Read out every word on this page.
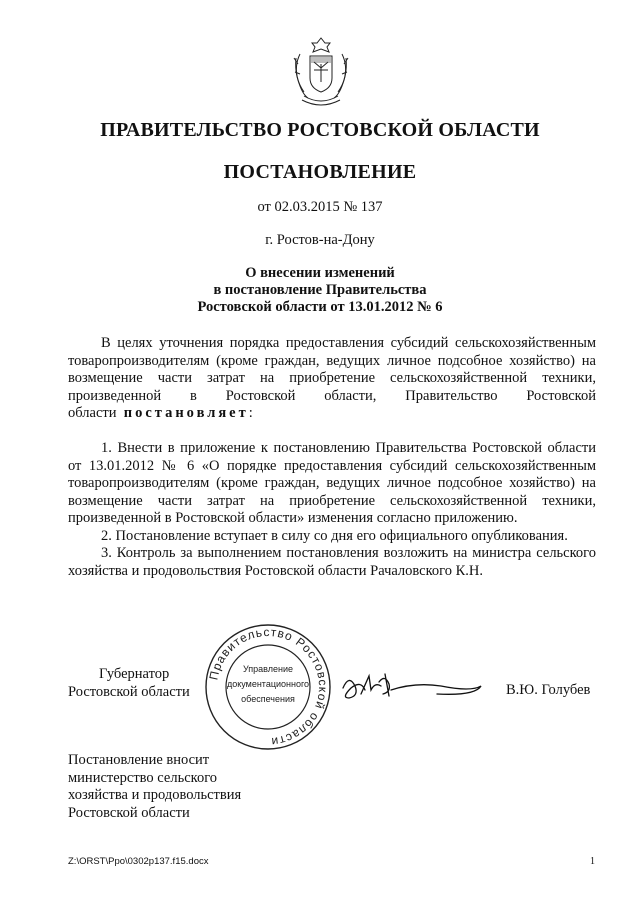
ПРАВИТЕЛЬСТВО РОСТОВСКОЙ ОБЛАСТИ
ПОСТАНОВЛЕНИЕ
от 02.03.2015 № 137
г. Ростов-на-Дону
О внесении изменений
в постановление Правительства
Ростовской области от 13.01.2012 № 6

В целях уточнения порядка предоставления субсидий сельскохозяйственным товаропроизводителям (кроме граждан, ведущих личное подсобное хозяйство) на возмещение части затрат на приобретение сельскохозяйственной техники, произведенной в Ростовской области, Правительство Ростовской области постановляет:

1. Внести в приложение к постановлению Правительства Ростовской области от 13.01.2012 № 6 «О порядке предоставления субсидий сельскохозяйственным товаропроизводителям (кроме граждан, ведущих личное подсобное хозяйство) на возмещение части затрат на приобретение сельскохозяйственной техники, произведенной в Ростовской области» изменения согласно приложению.

2. Постановление вступает в силу со дня его официального опубликования.

3. Контроль за выполнением постановления возложить на министра сельского хозяйства и продовольствия Ростовской области Рачаловского К.Н.

Правительство Ростовской области
Управление
документационного
обеспечения
Губернатор
Ростовской области	В.Ю. Голубев
Постановление вносит
министерство сельского
хозяйства и продовольствия
Ростовской области
Z:\ORST\Ppo\0302p137.f15.docx	1
